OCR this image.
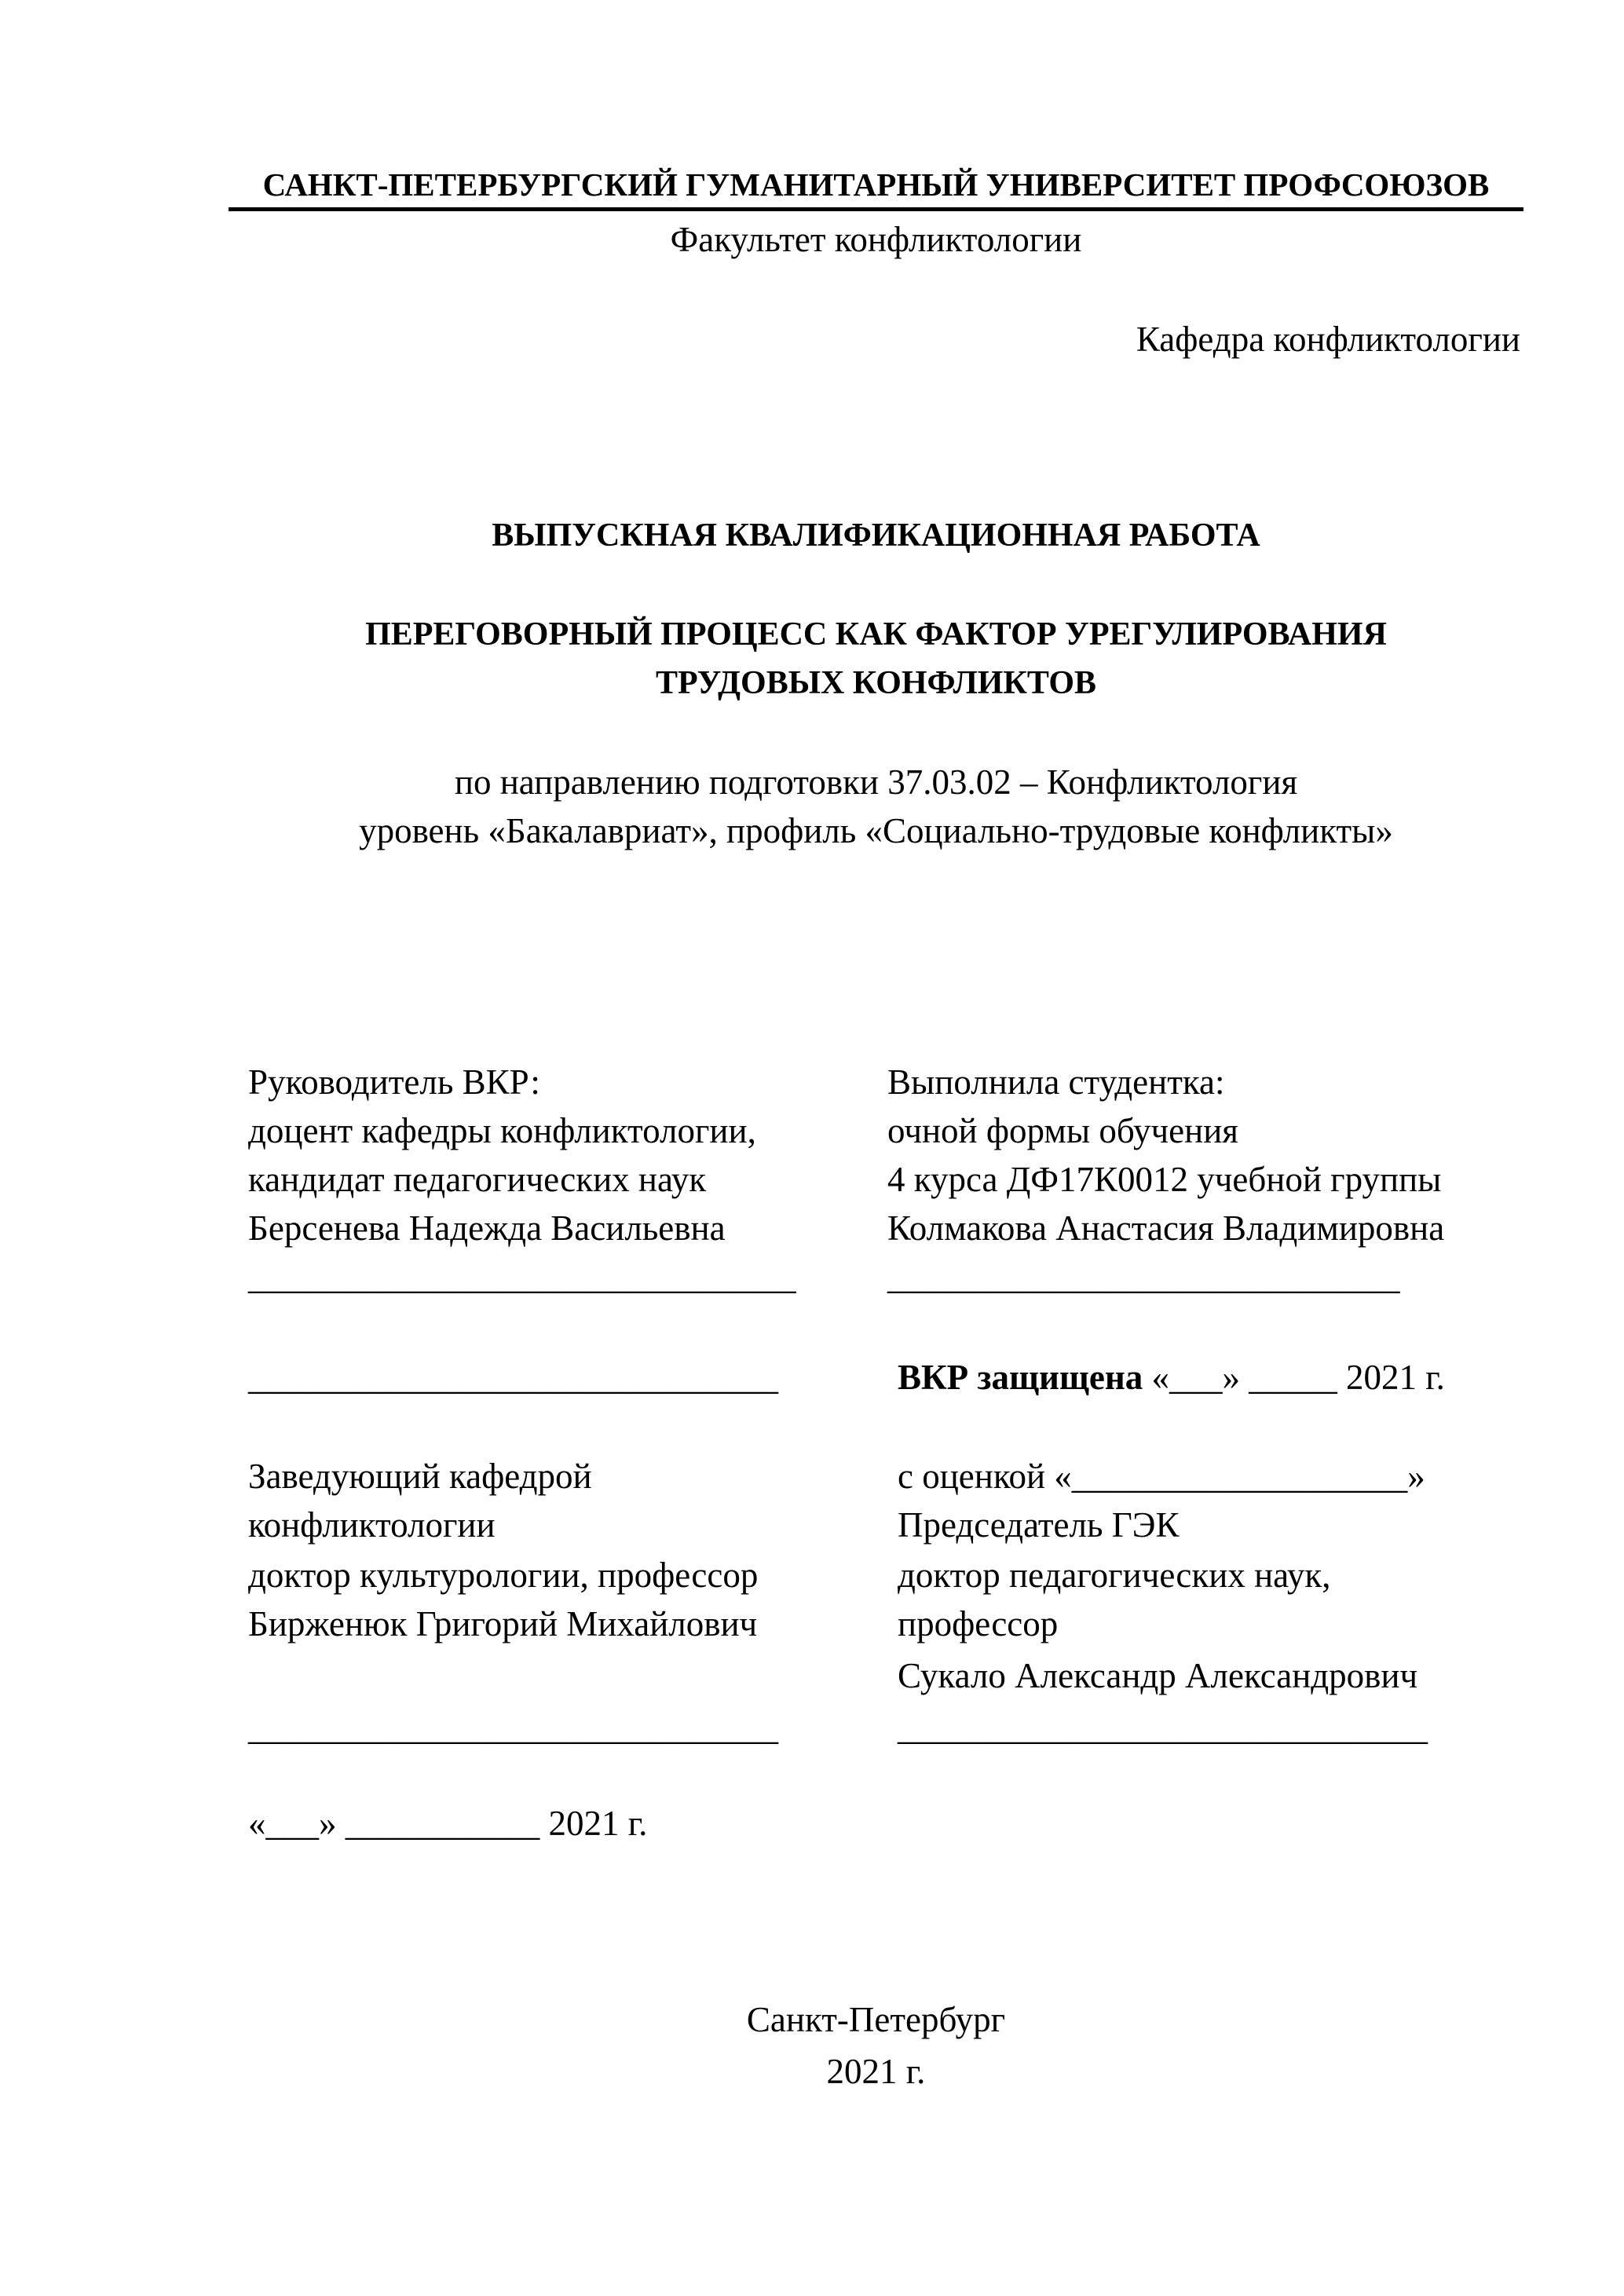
САНКТ-ПЕТЕРБУРГСКИЙ ГУМАНИТАРНЫЙ УНИВЕРСИТЕТ ПРОФСОЮЗОВ
Факультет конфликтологии
Кафедра конфликтологии
ВЫПУСКНАЯ КВАЛИФИКАЦИОННАЯ РАБОТА
ПЕРЕГОВОРНЫЙ ПРОЦЕСС КАК ФАКТОР УРЕГУЛИРОВАНИЯ
ТРУДОВЫХ КОНФЛИКТОВ
по направлению подготовки 37.03.02 – Конфликтология
уровень «Бакалавриат», профиль «Социально-трудовые конфликты»
Руководитель ВКР:
доцент кафедры конфликтологии,
кандидат педагогических наук
Берсенева Надежда Васильевна
_______________________________
______________________________
Выполнила студентка:
очной формы обучения
4 курса ДФ17К0012 учебной группы
Колмакова Анастасия Владимировна
_____________________________
ВКР защищена «___» _____ 2021 г.
Заведующий кафедрой
конфликтологии
доктор культурологии, профессор
Бирженюк Григорий Михайлович
______________________________
«___» ___________ 2021 г.
с оценкой «___________________»
Председатель ГЭК
доктор педагогических наук,
профессор
Сукало Александр Александрович
______________________________
Санкт-Петербург
2021 г.
